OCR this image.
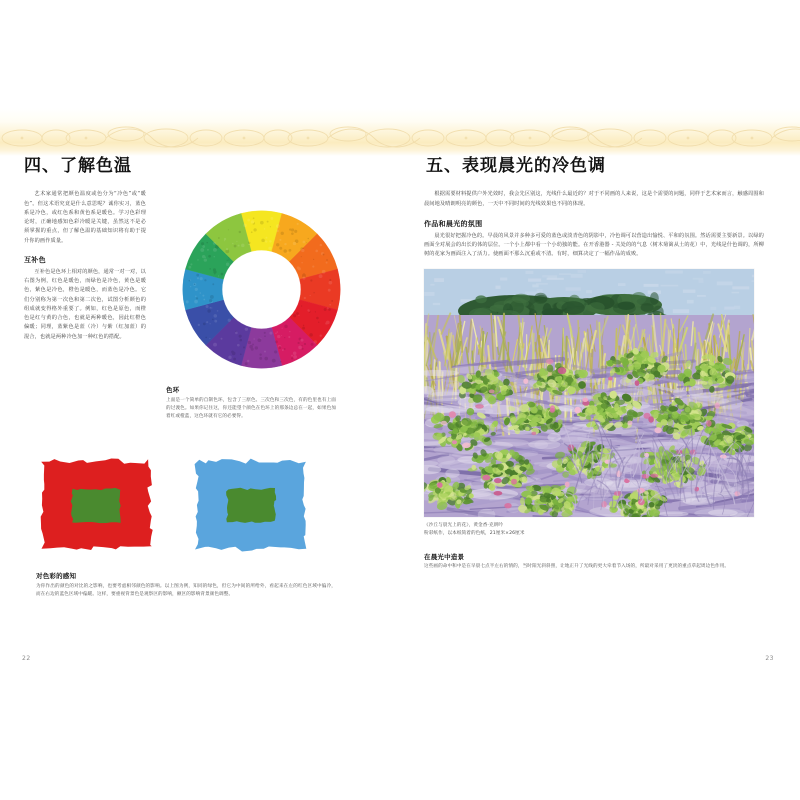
四、了解色温

艺术家通常把颜色温度或色分为“冷色”或“暖色”。但这术语究竟是什么意思呢？诚你实习，蓝色系是冷色，或红色系和黄色系是暖色。学习色彩理论时，正确地感知色彩冷暖是关键，虽然这不是必须掌握的重点，但了解色温的基础知识将有助于提升你的画作质量。

互补色

互补色是色环上相对的颜色，通常一对一对，以右图为例，红色是暖色，而绿色是冷色，黄色是暖色，紫色是冷色，橙色是暖色，而蓝色是冷色。它们分别称为第一次色和第二次色，试图分析颜色的组成就变得格外重要了。例如，红色是原色，而橙色是红与黄的合色，也就是两种暖色，因此红橙色偏暖；同理，蓝紫色是蓝（冷）与紫（红加蓝）的混合，也就是两种冷色加一种红色的搭配。

色环

上面是一个简单的自制色环，包含了三原色、三次色和三次色，有的色里也有上面的过渡色。如果你记住这，你还能望个颜色在色环上的那条边总在一起，如果色加着红或橙蓝，这色环就有它的必要得。

对色彩的感知

为你作出的颜色的对比的之影响，也要考虑相邻颜色的影响。以上图为例，知同的绿色，但它为中间的所给外，看起来在左的红色区域中偏冷，而在右边的蓝色区域中偏暖。这样，要重视背景色是观察区的影响，额区的影响背景颜色调整。

五、表现晨光的冷色调

根据需要材料提供户外光效时，我会先区别这，光线什么最近的？对于不同画的人来说，这是个需要的问题，同样于艺术家而言，触感周围和晨间地及晴朗明亮的颜色，一天中不同时间的光线效果也不同的体现。

作品和晨光的氛围

晨光很好把握冷色的。早晨的风景并多种多可爱的蓝色或淡青色的阴影中，冷色调可以营造出愉悦、平和的氛围。然话需要主要新景。以绿的画面全对展会的出长的体的层位。一个小上都中看一个小幼独的能。在开香港器 - 关处的的气息（树木菊篱从土的花）中，光线是什色调的，所柳树的花家为画面注入了活力。使画面不那么沉重或不清。有时，细算决定了一幅作品的成败。

《沙丘与晨光上的花》，黄金香·克朗吟

粉彩纸作，以本纸筒着的色纸，21厘米×26厘米

在晨光中造景

这些画的命中和中是在早晨七点半左右的情的，当时阳光斜斜照，让地正升了光线的更大牵着节入场的，所最对采用了更淡的重点草起周边色作用。

22	23
